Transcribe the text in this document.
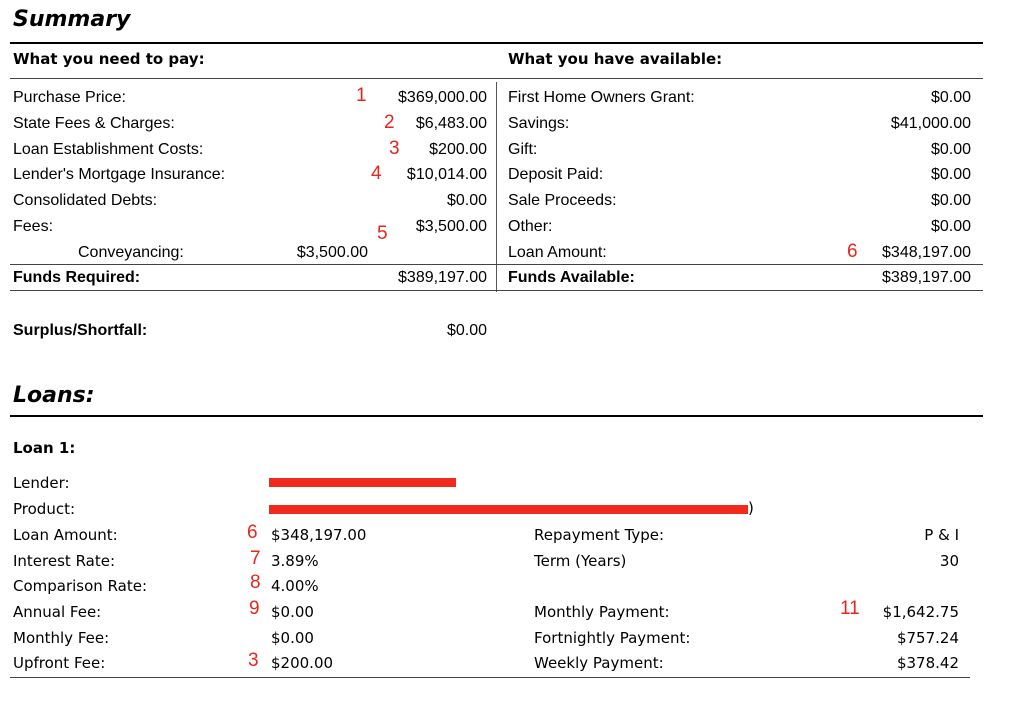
Summary
What you need to pay:	What you have available:
Purchase Price:	1	$369,000.00
State Fees & Charges:	2	$6,483.00
Loan Establishment Costs:	3	$200.00
Lender's Mortgage Insurance:	4	$10,014.00
Consolidated Debts:	$0.00
Fees:	5	$3,500.00
Conveyancing:	$3,500.00
Funds Required:	$389,197.00
First Home Owners Grant:	$0.00
Savings:	$41,000.00
Gift:	$0.00
Deposit Paid:	$0.00
Sale Proceeds:	$0.00
Other:	$0.00
Loan Amount:	6	$348,197.00
Funds Available:	$389,197.00
Surplus/Shortfall:	$0.00
Loans:
Loan 1:
Lender:
Product:	)
Loan Amount:	6 $348,197.00
Interest Rate:	7 3.89%
Comparison Rate:	8 4.00%
Annual Fee:	9 $0.00
Monthly Fee:	$0.00
Upfront Fee:	3 $200.00
Repayment Type:	P & I
Term (Years)	30
Monthly Payment:	11	$1,642.75
Fortnightly Payment:	$757.24
Weekly Payment:	$378.42
